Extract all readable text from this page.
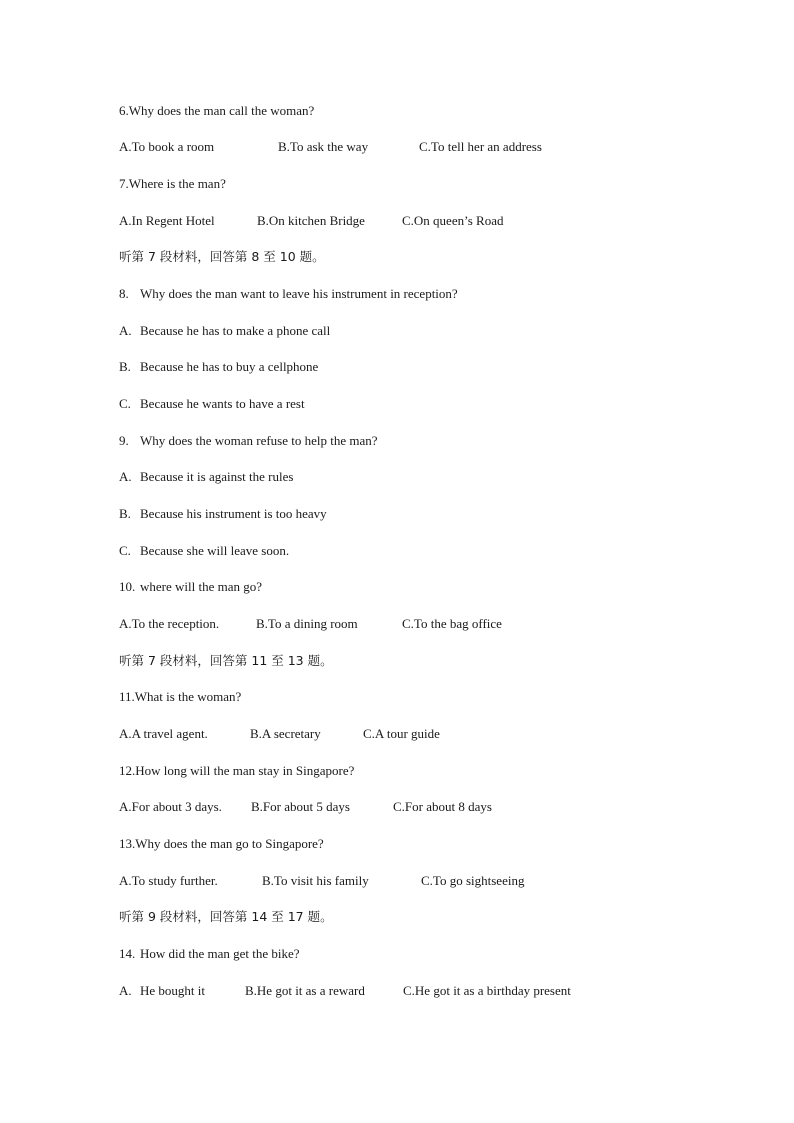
6.Why does the man call the woman?
A.To book a room	B.To ask the way	C.To tell her an address
7.Where is the man?
A.In Regent Hotel	B.On kitchen Bridge	C.On queen’s Road
听第 7 段材料，回答第 8 至 10 题。
8. Why does the man want to leave his instrument in reception?
A. Because he has to make a phone call
B. Because he has to buy a cellphone
C. Because he wants to have a rest
9. Why does the woman refuse to help the man?
A. Because it is against the rules
B. Because his instrument is too heavy
C. Because she will leave soon.
10. where will the man go?
A.To the reception.	B.To a dining room	C.To the bag office
听第 7 段材料，回答第 11 至 13 题。
11.What is the woman?
A.A travel agent.	B.A secretary	C.A tour guide
12.How long will the man stay in Singapore?
A.For about 3 days. B.For about 5 days	C.For about 8 days
13.Why does the man go to Singapore?
A.To study further.	B.To visit his family	C.To go sightseeing
听第 9 段材料，回答第 14 至 17 题。
14. How did the man get the bike?
A. He bought it	B.He got it as a reward	C.He got it as a birthday present
